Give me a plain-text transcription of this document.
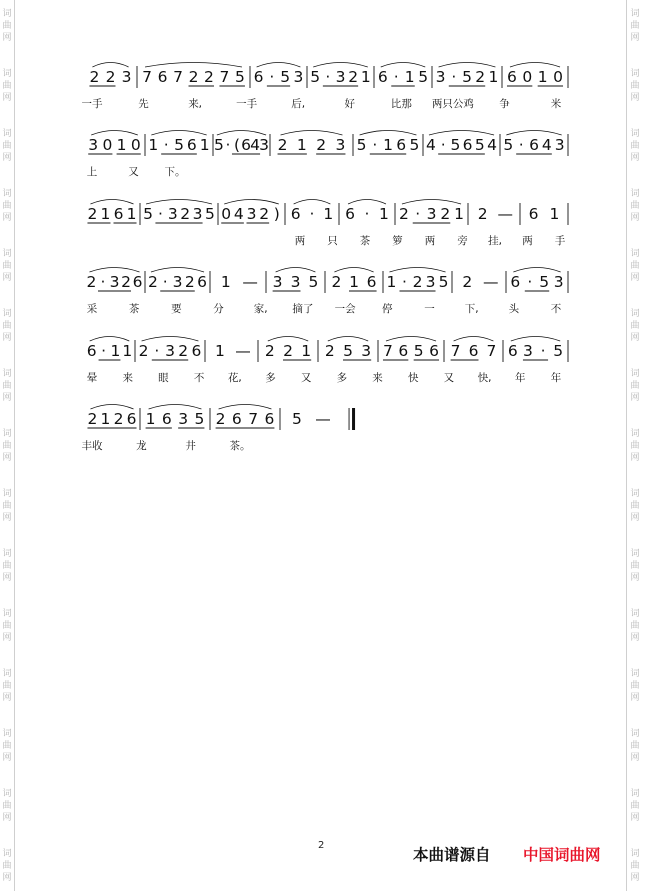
词
曲
网
词
曲
网
词
曲
网
词
曲
网
词
曲
网
词
曲
网
词
曲
网
词
曲
网
词
曲
网
词
曲
网
词
曲
网
词
曲
网
词
曲
网
词
曲
网
词
曲
网
词
曲
网
词
曲
网
词
曲
网
词
曲
网
词
曲
网
词
曲
网
词
曲
网
词
曲
网
词
曲
网
词
曲
网
词
曲
网
词
曲
网
词
曲
网
词
曲
网
词
曲
网
2 2 3 7 6 7 2 2 7 5 6 · 5 3 5 · 3 2 1 6 · 1 5 3 · 5 2 1 6 0 1 0
一手	先	来,	一手	后,	好	比那 两只公鸡 争	米
3 0 1 0 1 · 5 6 1 5 · ( 6 4 3 2 1 2 3 5 · 1 6 5 4 · 5 6 5 4 5 · 6 4 3
上	又 下。
2 1 6 1 5 · 3 2 3 5 0 4 3 2 ) 6 · 1 6 · 1 2 · 3 2 1 2 — 6 1
两 只 茶 箩 两 旁 挂, 两 手
2 · 3 2 6 2 · 3 2 6 1 — 3 3 5 2 1 6 1 · 2 3 5 2 — 6 · 5 3
采	茶	要	分	家, 摘了 一会	停	一	下,	头	不
6 · 1 1 2 · 3 2 6 1 — 2 2 1 2 5 3 7 6 5 6 7 6 7 6 3 · 5
晕 来 眼 不 花, 多 又 多 来 快 又 快, 年 年
2 1 2 6 1 6 3 5 2 6 7 6 5 —
丰收	龙	井	茶。
2
本曲谱源自 中国词曲网
